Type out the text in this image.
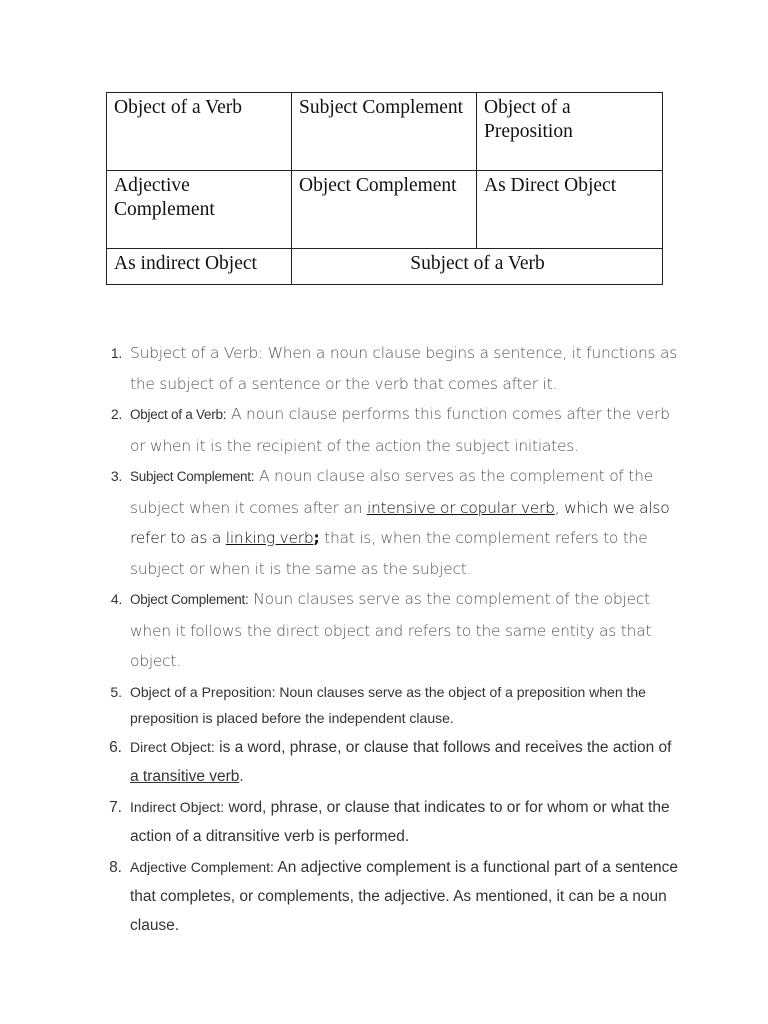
Object of a Verb	Subject Complement	Object of a Preposition
Adjective Complement	Object Complement	As Direct Object
As indirect Object	Subject of a Verb	
1. Subject of a Verb: When a noun clause begins a sentence, it functions as the subject of a sentence or the verb that comes after it.
2. Object of a Verb: A noun clause performs this function comes after the verb or when it is the recipient of the action the subject initiates.
3. Subject Complement: A noun clause also serves as the complement of the subject when it comes after an intensive or copular verb, which we also refer to as a linking verb; that is, when the complement refers to the subject or when it is the same as the subject.
4. Object Complement: Noun clauses serve as the complement of the object when it follows the direct object and refers to the same entity as that object.
5. Object of a Preposition: Noun clauses serve as the object of a preposition when the preposition is placed before the independent clause.
6. Direct Object: is a word, phrase, or clause that follows and receives the action of a transitive verb.
7. Indirect Object: word, phrase, or clause that indicates to or for whom or what the action of a ditransitive verb is performed.
8. Adjective Complement: An adjective complement is a functional part of a sentence that completes, or complements, the adjective. As mentioned, it can be a noun clause.
